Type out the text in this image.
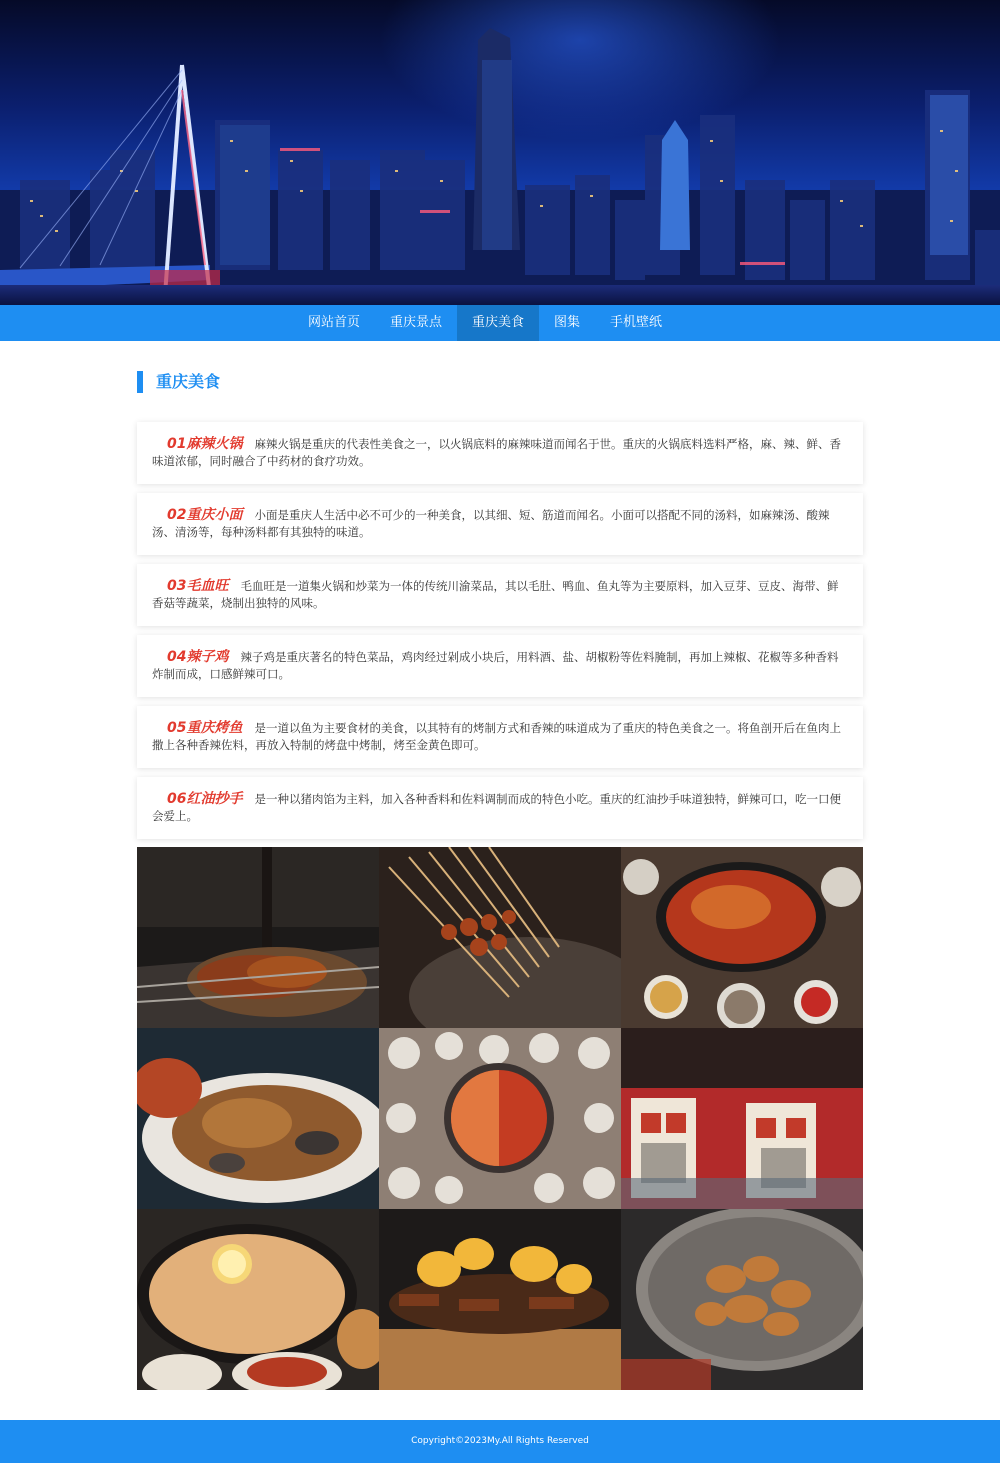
网站首页	重庆景点	重庆美食	图集	手机壁纸
重庆美食
01麻辣火锅 麻辣火锅是重庆的代表性美食之一，以火锅底料的麻辣味道而闻名于世。重庆的火锅底料选料严格，麻、辣、鲜、香味道浓郁，同时融合了中药材的食疗功效。
02重庆小面 小面是重庆人生活中必不可少的一种美食，以其细、短、筋道而闻名。小面可以搭配不同的汤料，如麻辣汤、酸辣汤、清汤等，每种汤料都有其独特的味道。
03毛血旺 毛血旺是一道集火锅和炒菜为一体的传统川渝菜品，其以毛肚、鸭血、鱼丸等为主要原料，加入豆芽、豆皮、海带、鲜香菇等蔬菜，烧制出独特的风味。
04辣子鸡 辣子鸡是重庆著名的特色菜品，鸡肉经过剁成小块后，用料酒、盐、胡椒粉等佐料腌制，再加上辣椒、花椒等多种香料炸制而成，口感鲜辣可口。
05重庆烤鱼 是一道以鱼为主要食材的美食，以其特有的烤制方式和香辣的味道成为了重庆的特色美食之一。将鱼剖开后在鱼肉上撒上各种香辣佐料，再放入特制的烤盘中烤制，烤至金黄色即可。
06红油抄手 是一种以猪肉馅为主料，加入各种香料和佐料调制而成的特色小吃。重庆的红油抄手味道独特，鲜辣可口，吃一口便会爱上。
Copyright©2023My.All Rights Reserved
